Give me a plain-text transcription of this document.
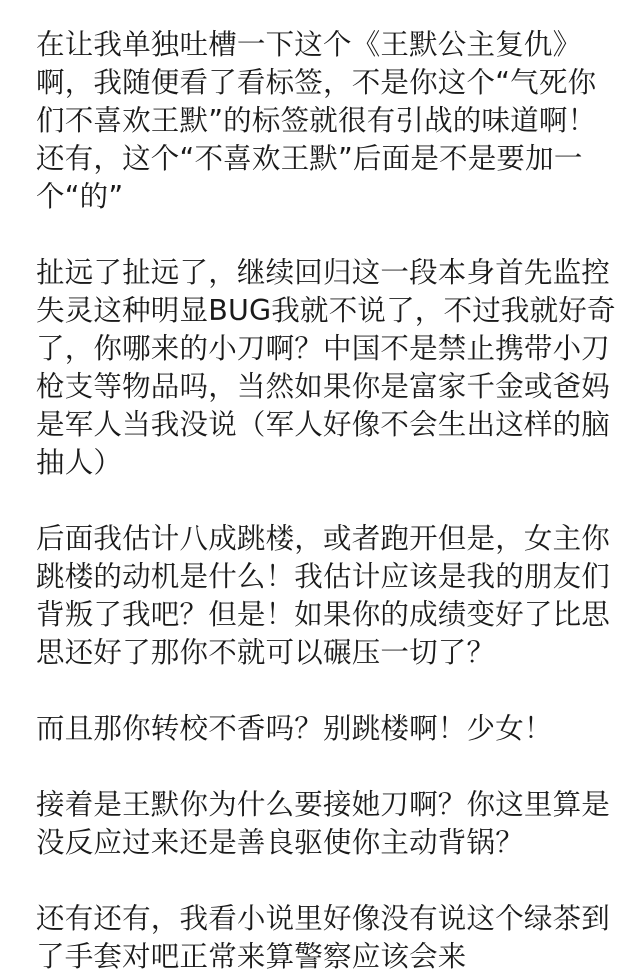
在让我单独吐槽一下这个《王默公主复仇》
啊，我随便看了看标签，不是你这个“气死你
们不喜欢王默”的标签就很有引战的味道啊！
还有，这个“不喜欢王默”后面是不是要加一
个“的”

扯远了扯远了，继续回归这一段本身首先监控
失灵这种明显BUG我就不说了，不过我就好奇
了，你哪来的小刀啊？中国不是禁止携带小刀
枪支等物品吗，当然如果你是富家千金或爸妈
是军人当我没说（军人好像不会生出这样的脑
抽人）

后面我估计八成跳楼，或者跑开但是，女主你
跳楼的动机是什么！我估计应该是我的朋友们
背叛了我吧？但是！如果你的成绩变好了比思
思还好了那你不就可以碾压一切了？

而且那你转校不香吗？别跳楼啊！少女！

接着是王默你为什么要接她刀啊？你这里算是
没反应过来还是善良驱使你主动背锅？

还有还有，我看小说里好像没有说这个绿茶到
了手套对吧正常来算警察应该会来
